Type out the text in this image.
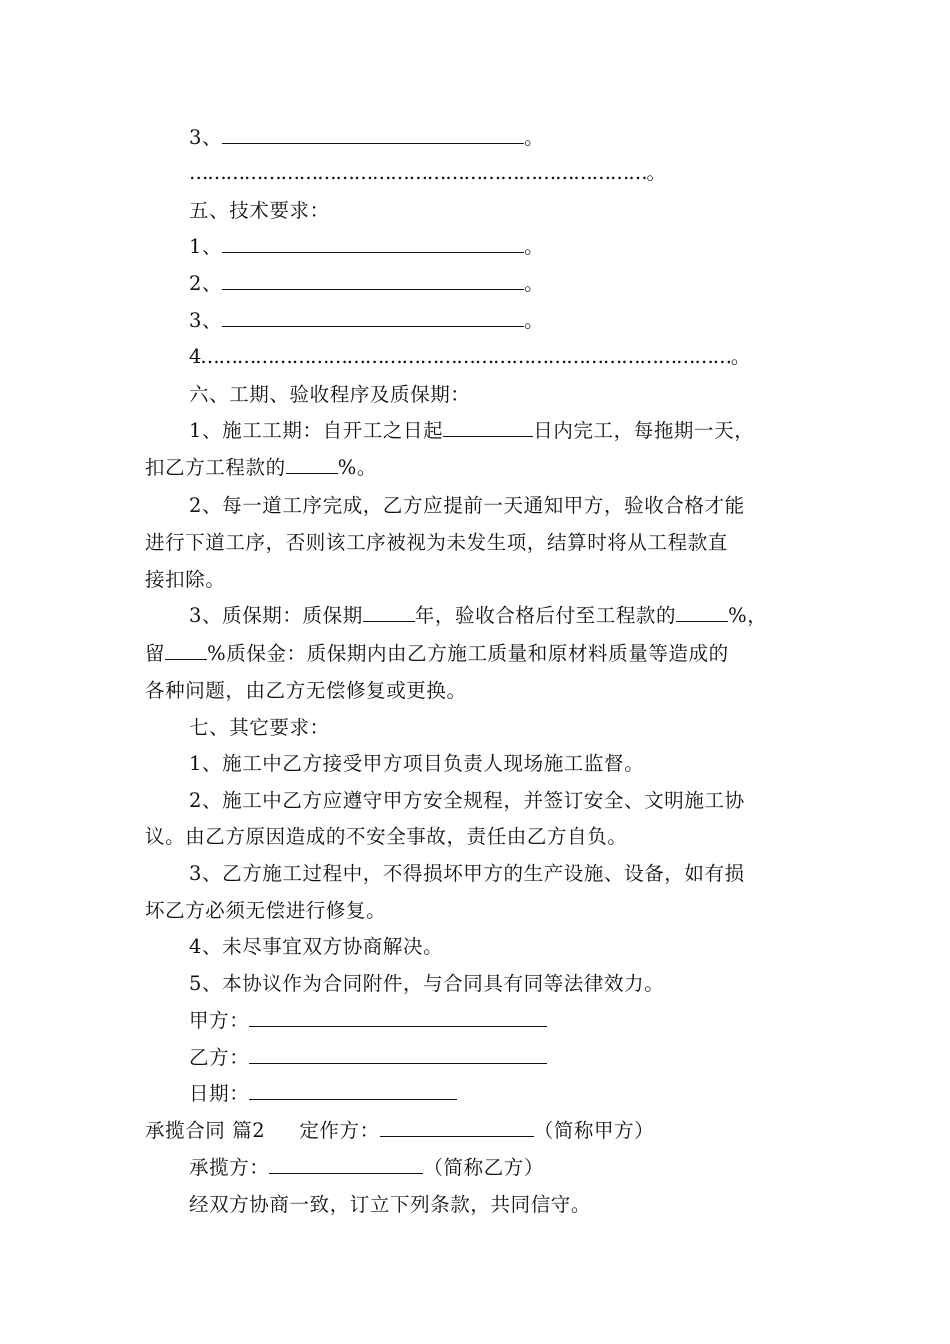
3、	。
…………………………………………………………………。
五、技术要求：
1、	。
2、	。
3、	。
4……………………………………………………………………………。
六、工期、验收程序及质保期：
1、施工工期：自开工之日起	日内完工，每拖期一天，
扣乙方工程款的	%。
2、每一道工序完成，乙方应提前一天通知甲方，验收合格才能
进行下道工序，否则该工序被视为未发生项，结算时将从工程款直
接扣除。
3、质保期：质保期	年，验收合格后付至工程款的	%，
留 %质保金：质保期内由乙方施工质量和原材料质量等造成的
各种问题，由乙方无偿修复或更换。
七、其它要求：
1、施工中乙方接受甲方项目负责人现场施工监督。
2、施工中乙方应遵守甲方安全规程，并签订安全、文明施工协
议。由乙方原因造成的不安全事故，责任由乙方自负。
3、乙方施工过程中，不得损坏甲方的生产设施、设备，如有损
坏乙方必须无偿进行修复。
4、未尽事宜双方协商解决。
5、本协议作为合同附件，与合同具有同等法律效力。
甲方：
乙方：
日期：
承揽合同 篇2 定作方：	（简称甲方）
承揽方：	（简称乙方）
经双方协商一致，订立下列条款，共同信守。
